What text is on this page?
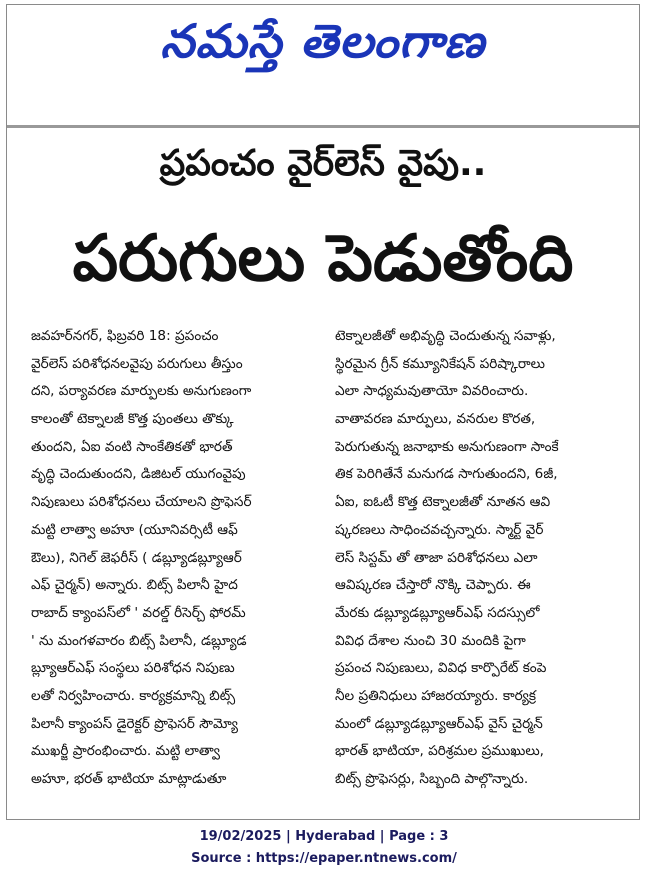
నమస్తే తెలంగాణ
ప్రపంచం వైర్‌లెస్ వైపు..
పరుగులు పెడుతోంది
జవహర్‌నగర్, ఫిబ్రవరి 18: ప్రపంచం
వైర్‌లెస్ పరిశోధనలవైపు పరుగులు తీస్తుం
దని, పర్యావరణ మార్పులకు అనుగుణంగా
కాలంతో టెక్నాలజీ కొత్త పుంతలు తొక్కు
తుందని, ఏఐ వంటి సాంకేతికతో భారత్
వృద్ధి చెందుతుందని, డిజిటల్ యుగంవైపు
నిపుణులు పరిశోధనలు చేయాలని ప్రొఫెసర్
మట్టి లాత్వా అహూ (యూనివర్సిటీ ఆఫ్
ఔలు), నిగెల్ జెఫరీస్ ( డబ్ల్యూడబ్ల్యూఆర్
ఎఫ్ చైర్మన్) అన్నారు. బిట్స్ పిలానీ హైద
రాబాద్ క్యాంపస్‌లో ' వరల్డ్ రీసెర్చ్ ఫోరమ్
' ను మంగళవారం బిట్స్ పిలానీ, డబ్ల్యూడ
బ్ల్యూఆర్‌ఎఫ్ సంస్థలు పరిశోధన నిపుణు
లతో నిర్వహించారు. కార్యక్రమాన్ని బిట్స్
పిలానీ క్యాంపస్ డైరెక్టర్ ప్రొఫెసర్ సౌమ్యో
ముఖర్జీ ప్రారంభించారు. మట్టి లాత్వా
అహూ, భరత్ భాటియా మాట్లాడుతూ
టెక్నాలజీతో అభివృద్ధి చెందుతున్న సవాళ్లు,
స్థిరమైన గ్రీన్ కమ్యూనికేషన్ పరిష్కారాలు
ఎలా సాధ్యమవుతాయో వివరించారు.
వాతావరణ మార్పులు, వనరుల కొరత,
పెరుగుతున్న జనాభాకు అనుగుణంగా సాంకే
తిక పెరిగితేనే మనుగడ సాగుతుందని, 6జీ,
ఏఐ, ఐఓటీ కొత్త టెక్నాలజీతో నూతన ఆవి
ష్కరణలు సాధించవచ్చన్నారు. స్మార్ట్ వైర్
లెస్ సిస్టమ్ తో తాజా పరిశోధనలు ఎలా
ఆవిష్కరణ చేస్తారో నొక్కి చెప్పారు. ఈ
మేరకు డబ్ల్యూడబ్ల్యూఆర్‌ఎఫ్ సదస్సులో
వివిధ దేశాల నుంచి 30 మందికి పైగా
ప్రపంచ నిపుణులు, వివిధ కార్పొరేట్ కంపె
నీల ప్రతినిధులు హాజరయ్యారు. కార్యక్ర
మంలో డబ్ల్యూడబ్ల్యూఆర్‌ఎఫ్ వైస్ చైర్మన్
భారత్ భాటియా, పరిశ్రమల ప్రముఖులు,
బిట్స్ ప్రొఫెసర్లు, సిబ్బంది పాల్గొన్నారు.
19/02/2025 | Hyderabad | Page : 3
Source : https://epaper.ntnews.com/
